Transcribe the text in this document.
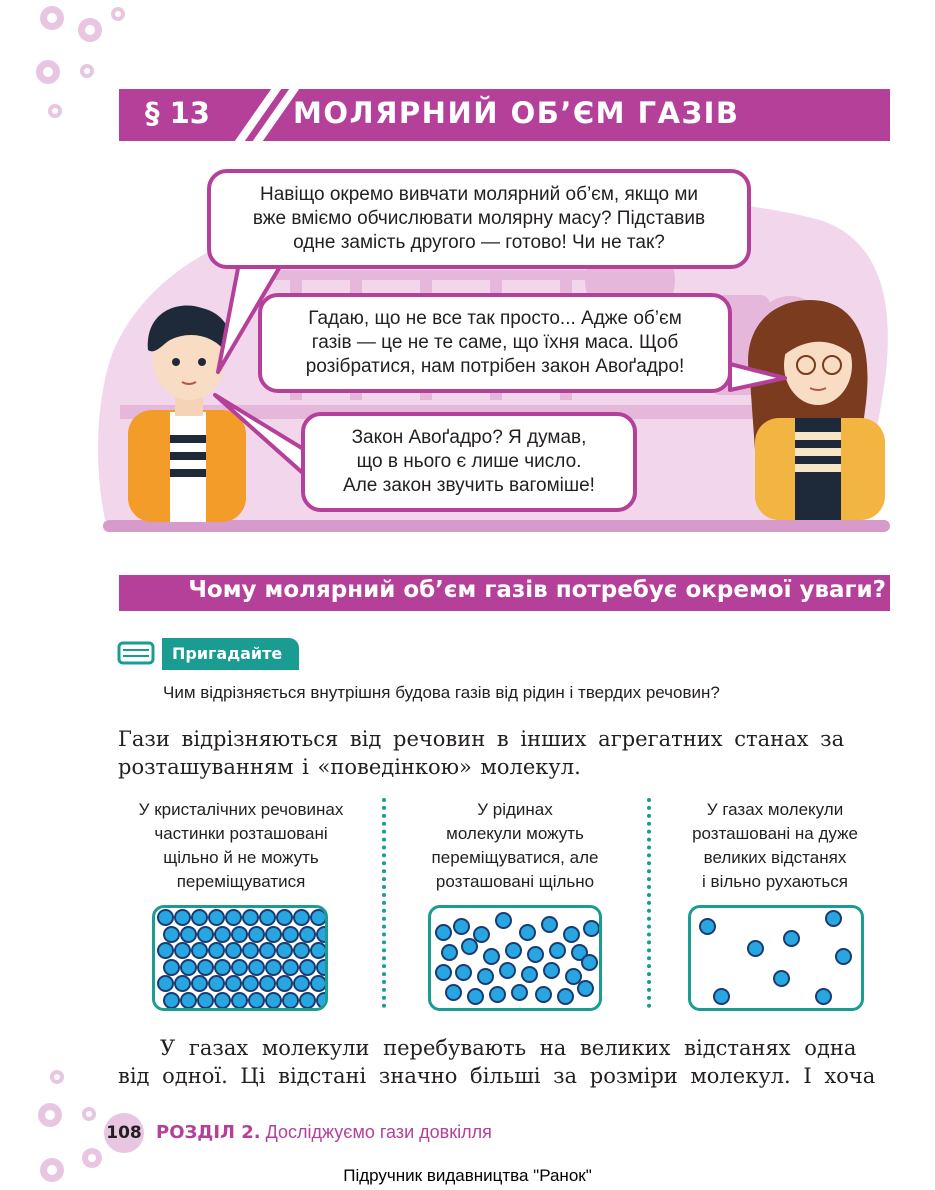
§ 13	МОЛЯРНИЙ ОБ’ЄМ ГАЗІВ
Навіщо окремо вивчати молярний об’єм, якщо ми
вже вміємо обчислювати молярну масу? Підставив
одне замість другого — готово! Чи не так?
Гадаю, що не все так просто... Адже об’єм
газів — це не те саме, що їхня маса. Щоб
розібратися, нам потрібен закон Авоґадро!
Закон Авоґадро? Я думав,
що в нього є лише число.
Але закон звучить вагоміше!
Чому молярний об’єм газів потребує окремої уваги?
Пригадайте
Чим відрізняється внутрішня будова газів від рідин і твердих речовин?
Гази відрізняються від речовин в інших агрегатних станах за
розташуванням і «поведінкою» молекул.
У кристалічних речовинах
частинки розташовані
щільно й не можуть
переміщуватися
У рідинах
молекули можуть
переміщуватися, але
розташовані щільно
У газах молекули
розташовані на дуже
великих відстанях
і вільно рухаються
У газах молекули перебувають на великих відстанях одна
від одної. Ці відстані значно більші за розміри молекул. І хоча
108 РОЗДІЛ 2. Досліджуємо гази довкілля
Підручник видавництва "Ранок"
